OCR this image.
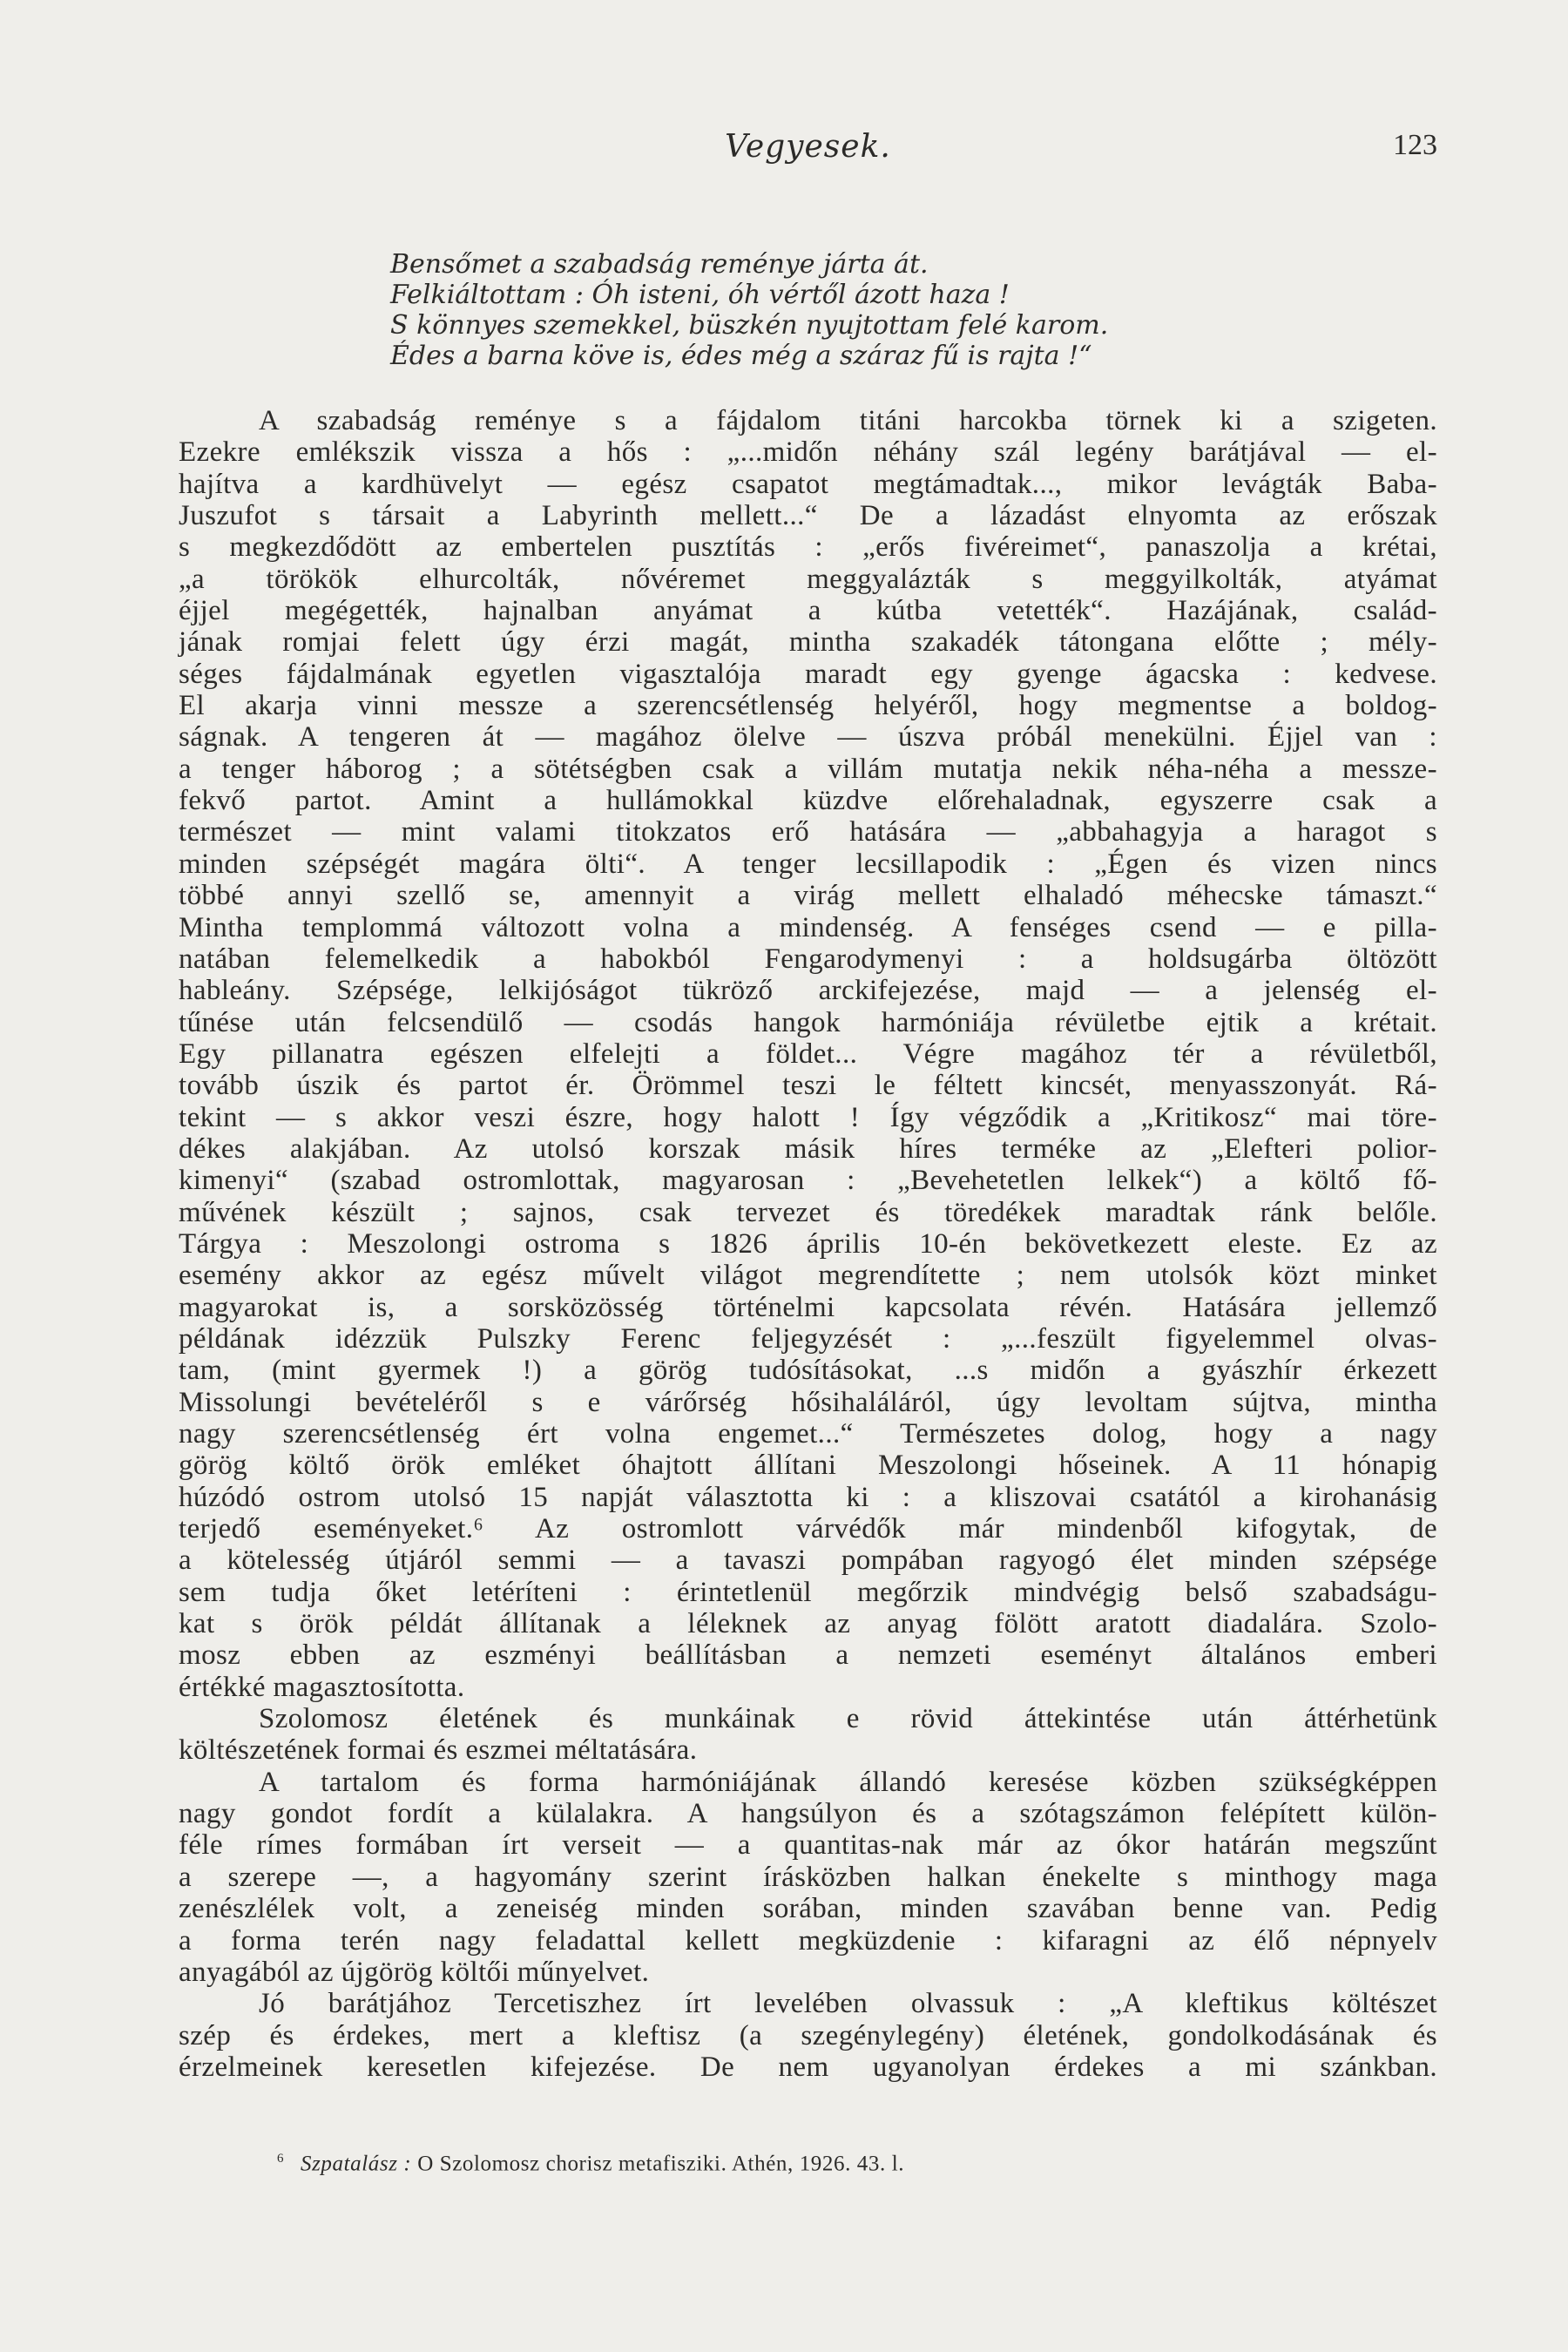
Vegyesek.	123
Bensőmet a szabadság reménye járta át.
Felkiáltottam : Óh isteni, óh vértől ázott haza !
S könnyes szemekkel, büszkén nyujtottam felé karom.
Édes a barna köve is, édes még a száraz fű is rajta !“
A szabadság reménye s a fájdalom titáni harcokba törnek ki a szigeten.
Ezekre emlékszik vissza a hős : „...midőn néhány szál legény barátjával — el-
hajítva a kardhüvelyt — egész csapatot megtámadtak..., mikor levágták Baba-
Juszufot s társait a Labyrinth mellett...“ De a lázadást elnyomta az erőszak
s megkezdődött az embertelen pusztítás : „erős fivéreimet“, panaszolja a krétai,
„a törökök elhurcolták, nővéremet meggyalázták s meggyilkolták, atyámat
éjjel megégették, hajnalban anyámat a kútba vetették“. Hazájának, család-
jának romjai felett úgy érzi magát, mintha szakadék tátongana előtte ; mély-
séges fájdalmának egyetlen vigasztalója maradt egy gyenge ágacska : kedvese.
El akarja vinni messze a szerencsétlenség helyéről, hogy megmentse a boldog-
ságnak. A tengeren át — magához ölelve — úszva próbál menekülni. Éjjel van :
a tenger háborog ; a sötétségben csak a villám mutatja nekik néha-néha a messze-
fekvő partot. Amint a hullámokkal küzdve előrehaladnak, egyszerre csak a
természet — mint valami titokzatos erő hatására — „abbahagyja a haragot s
minden szépségét magára ölti“. A tenger lecsillapodik : „Égen és vizen nincs
többé annyi szellő se, amennyit a virág mellett elhaladó méhecske támaszt.“
Mintha templommá változott volna a mindenség. A fenséges csend — e pilla-
natában felemelkedik a habokból Fengarodymenyi : a holdsugárba öltözött
hableány. Szépsége, lelkijóságot tükröző arckifejezése, majd — a jelenség el-
tűnése után felcsendülő — csodás hangok harmóniája révületbe ejtik a krétait.
Egy pillanatra egészen elfelejti a földet... Végre magához tér a révületből,
tovább úszik és partot ér. Örömmel teszi le féltett kincsét, menyasszonyát. Rá-
tekint — s akkor veszi észre, hogy halott ! Így végződik a „Kritikosz“ mai töre-
dékes alakjában. Az utolsó korszak másik híres terméke az „Elefteri polior-
kimenyi“ (szabad ostromlottak, magyarosan : „Bevehetetlen lelkek“) a költő fő-
művének készült ; sajnos, csak tervezet és töredékek maradtak ránk belőle.
Tárgya : Meszolongi ostroma s 1826 április 10-én bekövetkezett eleste. Ez az
esemény akkor az egész művelt világot megrendítette ; nem utolsók közt minket
magyarokat is, a sorsközösség történelmi kapcsolata révén. Hatására jellemző
példának idézzük Pulszky Ferenc feljegyzését : „...feszült figyelemmel olvas-
tam, (mint gyermek !) a görög tudósításokat, ...s midőn a gyászhír érkezett
Missolungi bevételéről s e várőrség hősihaláláról, úgy levoltam sújtva, mintha
nagy szerencsétlenség ért volna engemet...“ Természetes dolog, hogy a nagy
görög költő örök emléket óhajtott állítani Meszolongi hőseinek. A 11 hónapig
húzódó ostrom utolsó 15 napját választotta ki : a kliszovai csatától a kirohanásig
terjedő eseményeket.⁶ Az ostromlott várvédők már mindenből kifogytak, de
a kötelesség útjáról semmi — a tavaszi pompában ragyogó élet minden szépsége
sem tudja őket letéríteni : érintetlenül megőrzik mindvégig belső szabadságu-
kat s örök példát állítanak a léleknek az anyag fölött aratott diadalára. Szolo-
mosz ebben az eszményi beállításban a nemzeti eseményt általános emberi
értékké magasztosította.
Szolomosz életének és munkáinak e rövid áttekintése után áttérhetünk
költészetének formai és eszmei méltatására.
A tartalom és forma harmóniájának állandó keresése közben szükségképpen
nagy gondot fordít a külalakra. A hangsúlyon és a szótagszámon felépített külön-
féle rímes formában írt verseit — a quantitas-nak már az ókor határán megszűnt
a szerepe —, a hagyomány szerint írásközben halkan énekelte s minthogy maga
zenészlélek volt, a zeneiség minden sorában, minden szavában benne van. Pedig
a forma terén nagy feladattal kellett megküzdenie : kifaragni az élő népnyelv
anyagából az újgörög költői műnyelvet.
Jó barátjához Tercetiszhez írt levelében olvassuk : „A kleftikus költészet
szép és érdekes, mert a kleftisz (a szegénylegény) életének, gondolkodásának és
érzelmeinek keresetlen kifejezése. De nem ugyanolyan érdekes a mi szánkban.
$^6$ Szpatalász : O Szolomosz chorisz metafisziki. Athén, 1926. 43. l.
